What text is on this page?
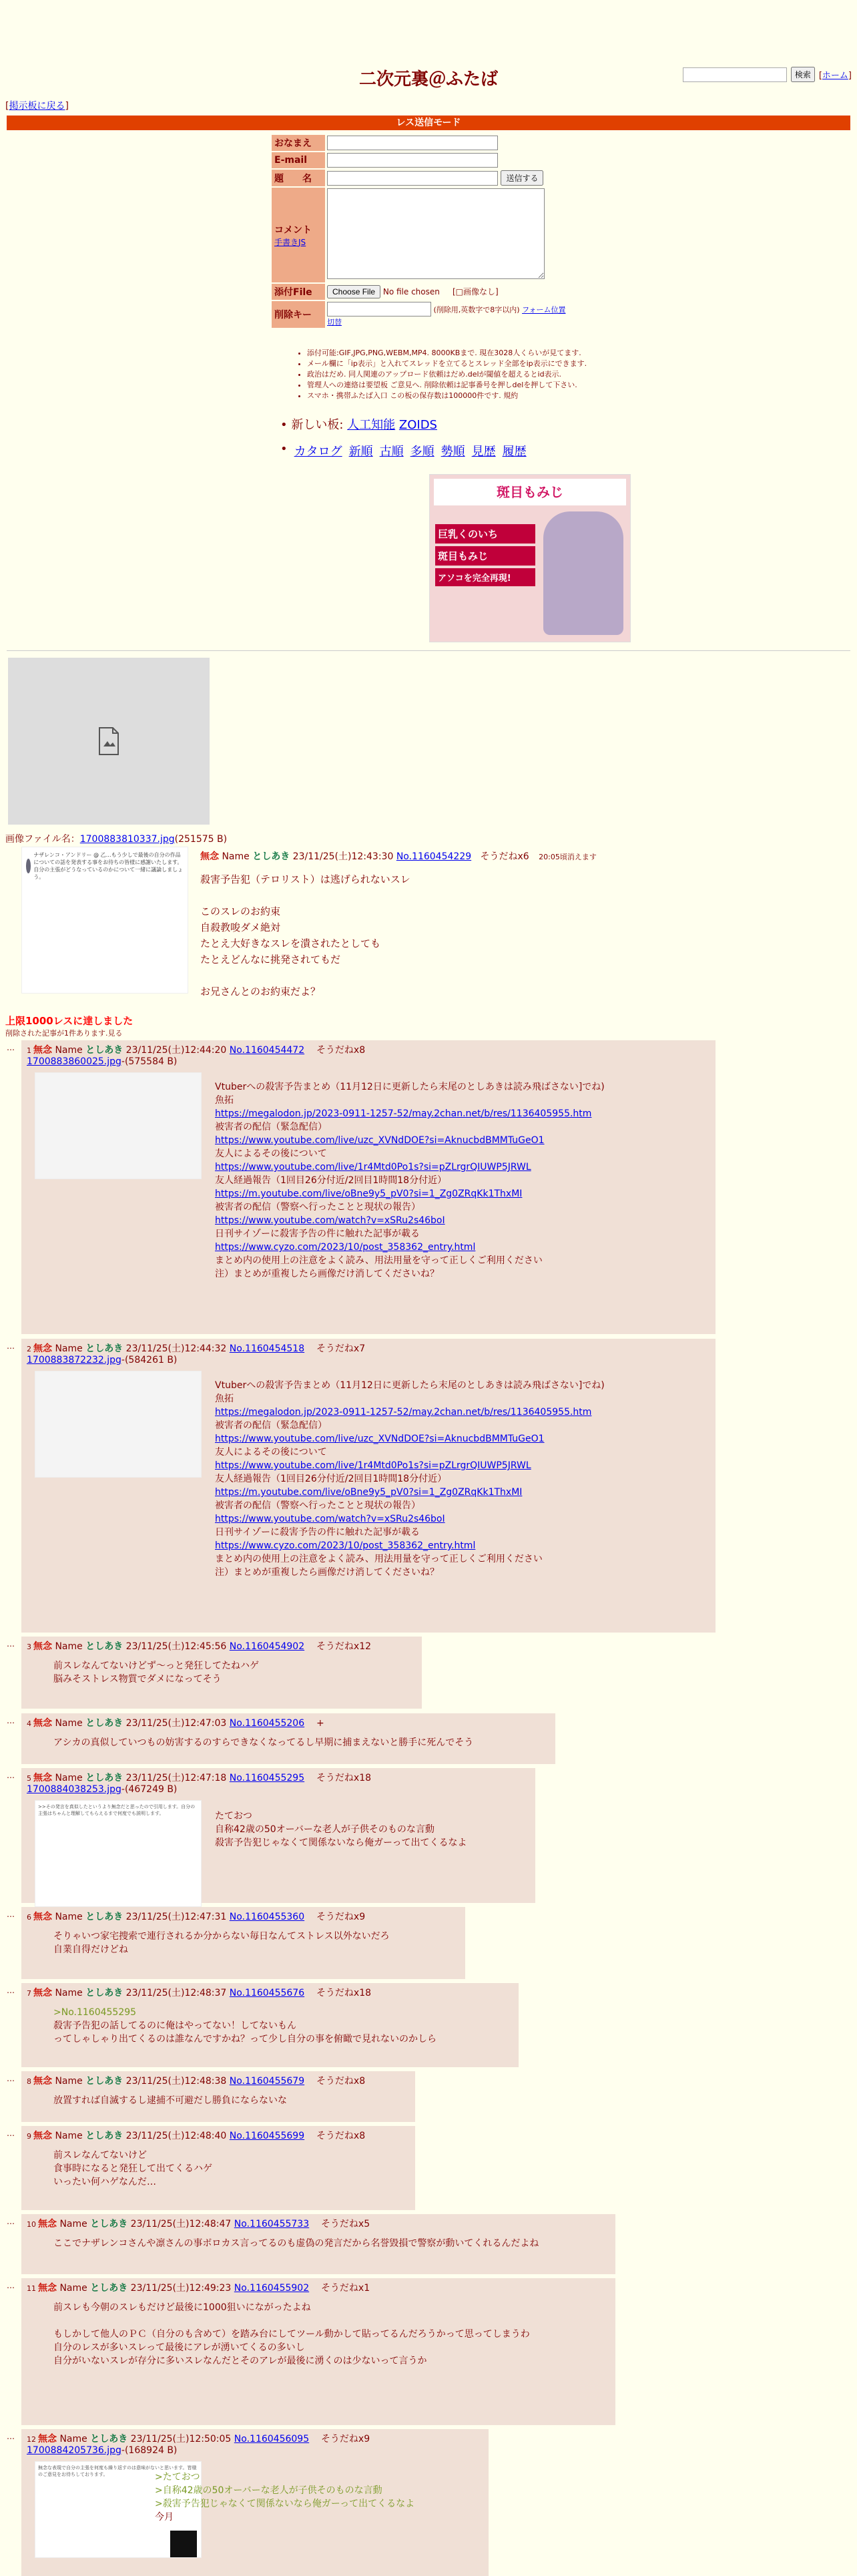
二次元裏＠ふたば	検索 [ホーム]
[掲示板に戻る]
レス送信モード
おなまえ	
E-mail	
題　　名	送信する
コメント
手書きJS	
添付File	Choose File No file chosen [□画像なし]
削除キー	(削除用,英数字で8字以内) フォーム位置
切替
• 添付可能:GIF,JPG,PNG,WEBM,MP4. 8000KBまで. 現在3028人くらいが見てます.
• メール欄に「ip表示」と入れてスレッドを立てるとスレッド全部をip表示にできます.
• 政治はだめ. 同人関連のアップロード依頼はだめ.delが閾値を超えるとid表示.
• 管理人への連絡は要望板 ご意見へ. 削除依頼は記事番号を押しdelを押して下さい.
• スマホ・携帯ふたば入口 この板の保存数は100000件です. 規約
• 新しい板: 人工知能 ZOIDS
• カタログ 新順 古順 多順 勢順 見歴 履歴
斑目もみじ
巨乳くのいち
斑目もみじ
アソコを完全再現!
画像ファイル名：1700883810337.jpg(251575 B)
ナザレンコ・アンドリー @ 乙…もう少しで最後の自分の作品についての話を発表する事をお待ちの皆様に感謝いたします。自分の主張がどうなっているのかについて一緒に議論しましょう。
無念 Name としあき 23/11/25(土)12:43:30 No.1160454229 そうだねx6 20:05頃消えます
殺害予告犯（テロリスト）は逃げられないスレ

このスレのお約束
自殺教唆ダメ絶対
たとえ大好きなスレを潰されたとしても
たとえどんなに挑発されてもだ

お兄さんとのお約束だよ？
上限1000レスに達しました
削除された記事が1件あります.見る
… 1 無念 Name としあき 23/11/25(土)12:44:20 No.1160454472 そうだねx8
1700883860025.jpg-(575584 B)
Vtuberへの殺害予告まとめ（11月12日に更新したら末尾のとしあきは読み飛ばさない]でね)
魚拓
https://megalodon.jp/2023-0911-1257-52/may.2chan.net/b/res/1136405955.htm
被害者の配信（緊急配信）
https://www.youtube.com/live/uzc_XVNdDOE?si=AknucbdBMMTuGeO1
友人によるその後について
https://www.youtube.com/live/1r4Mtd0Po1s?si=pZLrgrQIUWP5JRWL
友人経過報告（1回目26分付近/2回目1時間18分付近）
https://m.youtube.com/live/oBne9y5_pV0?si=1_Zg0ZRqKk1ThxMI
被害者の配信（警察へ行ったことと現状の報告）
https://www.youtube.com/watch?v=xSRu2s46boI
日刊サイゾーに殺害予告の件に触れた記事が載る
https://www.cyzo.com/2023/10/post_358362_entry.html
まとめ内の使用上の注意をよく読み、用法用量を守って正しくご利用ください
注）まとめが重複したら画像だけ消してくださいね？
… 2 無念 Name としあき 23/11/25(土)12:44:32 No.1160454518 そうだねx7
1700883872232.jpg-(584261 B)
Vtuberへの殺害予告まとめ（11月12日に更新したら末尾のとしあきは読み飛ばさない]でね)
魚拓
https://megalodon.jp/2023-0911-1257-52/may.2chan.net/b/res/1136405955.htm
被害者の配信（緊急配信）
https://www.youtube.com/live/uzc_XVNdDOE?si=AknucbdBMMTuGeO1
友人によるその後について
https://www.youtube.com/live/1r4Mtd0Po1s?si=pZLrgrQIUWP5JRWL
友人経過報告（1回目26分付近/2回目1時間18分付近）
https://m.youtube.com/live/oBne9y5_pV0?si=1_Zg0ZRqKk1ThxMI
被害者の配信（警察へ行ったことと現状の報告）
https://www.youtube.com/watch?v=xSRu2s46boI
日刊サイゾーに殺害予告の件に触れた記事が載る
https://www.cyzo.com/2023/10/post_358362_entry.html
まとめ内の使用上の注意をよく読み、用法用量を守って正しくご利用ください
注）まとめが重複したら画像だけ消してくださいね？
… 3 無念 Name としあき 23/11/25(土)12:45:56 No.1160454902 そうだねx12
前スレなんてないけどず～っと発狂してたねハゲ
脳みそストレス物質でダメになってそう
… 4 無念 Name としあき 23/11/25(土)12:47:03 No.1160455206 +
アシカの真似していつもの妨害するのすらできなくなってるし早期に捕まえないと勝手に死んでそう
… 5 無念 Name としあき 23/11/25(土)12:47:18 No.1160455295 そうだねx18
1700884038253.jpg-(467249 B)
>>その発言を真似したというより無念だと思ったので引用します。自分の主張はちゃんと理解してもらえるまで何度でも説明します。	たておつ
自称42歳の50オーバーな老人が子供そのものな言動
殺害予告犯じゃなくて関係ないなら俺ガーって出てくるなよ
… 6 無念 Name としあき 23/11/25(土)12:47:31 No.1160455360 そうだねx9
そりゃいつ家宅捜索で連行されるか分からない毎日なんてストレス以外ないだろ
自業自得だけどね
… 7 無念 Name としあき 23/11/25(土)12:48:37 No.1160455676 そうだねx18
>No.1160455295
殺害予告犯の話してるのに俺はやってない！してないもん
ってしゃしゃり出てくるのは誰なんですかね？って少し自分の事を俯瞰で見れないのかしら
… 8 無念 Name としあき 23/11/25(土)12:48:38 No.1160455679 そうだねx8
放置すれば自滅するし逮捕不可避だし勝負にならないな
… 9 無念 Name としあき 23/11/25(土)12:48:40 No.1160455699 そうだねx8
前スレなんてないけど
食事時になると発狂して出てくるハゲ
いったい何ハゲなんだ…
… 10 無念 Name としあき 23/11/25(土)12:48:47 No.1160455733 そうだねx5
ここでナザレンコさんや凛さんの事ボロカス言ってるのも虚偽の発言だから名誉毀損で警察が動いてくれるんだよね
… 11 無念 Name としあき 23/11/25(土)12:49:23 No.1160455902 そうだねx1
前スレも今朝のスレもだけど最後に1000狙いにながったよね

もしかして他人のＰＣ（自分のも含めて）を踏み台にしてツール動かして貼ってるんだろうかって思ってしまうわ
自分のレスが多いスレって最後にアレが湧いてくるの多いし
自分がいないスレが存分に多いスレなんだとそのアレが最後に湧くのは少ないって言うか
… 12 無念 Name としあき 23/11/25(土)12:50:05 No.1160456095 そうだねx9
1700884205736.jpg-(168924 B)
無念な表現で自分の主張を何度も繰り返すのは意味がないと思います。皆様のご意見をお待ちしております。	>たておつ
>自称42歳の50オーバーな老人が子供そのものな言動
>殺害予告犯じゃなくて関係ないなら俺ガーって出てくるなよ
今月
